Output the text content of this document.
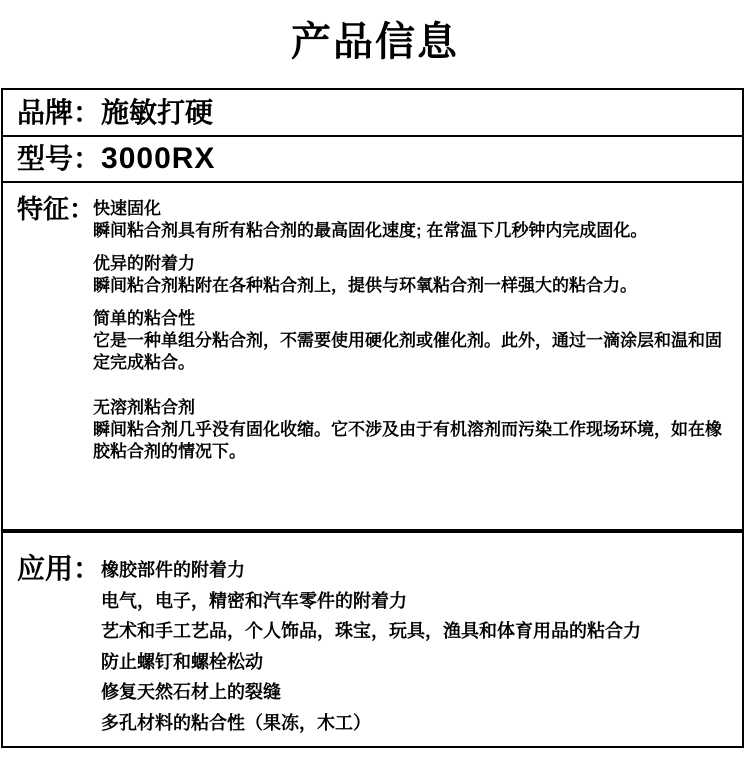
产品信息
品牌：施敏打硬
型号：3000RX
特征：

快速固化
瞬间粘合剂具有所有粘合剂的最高固化速度; 在常温下几秒钟内完成固化。

优异的附着力
瞬间粘合剂粘附在各种粘合剂上，提供与环氧粘合剂一样强大的粘合力。

简单的粘合性
它是一种单组分粘合剂，不需要使用硬化剂或催化剂。此外，通过一滴涂层和温和固定完成粘合。

无溶剂粘合剂
瞬间粘合剂几乎没有固化收缩。它不涉及由于有机溶剂而污染工作现场环境，如在橡胶粘合剂的情况下。

应用： 橡胶部件的附着力
电气，电子，精密和汽车零件的附着力
艺术和手工艺品，个人饰品，珠宝，玩具，渔具和体育用品的粘合力
防止螺钉和螺栓松动
修复天然石材上的裂缝
多孔材料的粘合性（果冻，木工）
